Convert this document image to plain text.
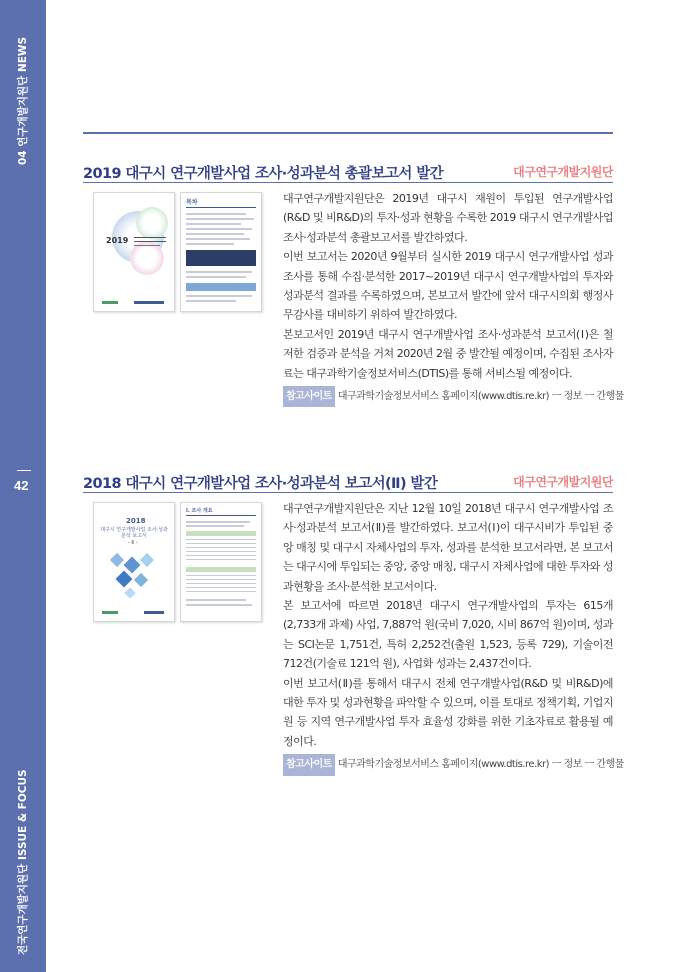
04 연구개발지원단 NEWS
42
전국연구개발지원단 ISSUE & FOCUS
2019 대구시 연구개발사업 조사·성과분석 총괄보고서 발간	대구연구개발지원단
2019
목차	대구연구개발지원단은 2019년 대구시 재원이 투입된 연구개발사업(R&D 및 비R&D)의 투자·성과 현황을 수록한 2019 대구시 연구개발사업 조사·성과분석 총괄보고서를 발간하였다.

이번 보고서는 2020년 9월부터 실시한 2019 대구시 연구개발사업 성과조사를 통해 수집·분석한 2017~2019년 대구시 연구개발사업의 투자와 성과분석 결과를 수록하였으며, 본보고서 발간에 앞서 대구시의회 행정사무감사를 대비하기 위하여 발간하였다.

본보고서인 2019년 대구시 연구개발사업 조사·성과분석 보고서(Ⅰ)은 철저한 검증과 분석을 거쳐 2020년 2월 중 발간될 예정이며, 수집된 조사자료는 대구과학기술정보서비스(DTIS)를 통해 서비스될 예정이다.

참고사이트 대구과학기술정보서비스 홈페이지(www.dtis.re.kr) ㅡ 정보 ㅡ 간행물
2018 대구시 연구개발사업 조사·성과분석 보고서(Ⅱ) 발간	대구연구개발지원단
2018
대구시 연구개발사업 조사·성과분석 보고서
- Ⅱ -
Ⅰ. 조사 개요	대구연구개발지원단은 지난 12월 10일 2018년 대구시 연구개발사업 조사·성과분석 보고서(Ⅱ)를 발간하였다. 보고서(Ⅰ)이 대구시비가 투입된 중앙 매칭 및 대구시 자체사업의 투자, 성과를 분석한 보고서라면, 본 보고서는 대구시에 투입되는 중앙, 중앙 매칭, 대구시 자체사업에 대한 투자와 성과현황을 조사·분석한 보고서이다.

본 보고서에 따르면 2018년 대구시 연구개발사업의 투자는 615개(2,733개 과제) 사업, 7,887억 원(국비 7,020, 시비 867억 원)이며, 성과는 SCI논문 1,751건, 특허 2,252건(출원 1,523, 등록 729), 기술이전 712건(기술료 121억 원), 사업화 성과는 2,437건이다.

이번 보고서(Ⅱ)를 통해서 대구시 전체 연구개발사업(R&D 및 비R&D)에 대한 투자 및 성과현황을 파악할 수 있으며, 이를 토대로 정책기획, 기업지원 등 지역 연구개발사업 투자 효율성 강화를 위한 기초자료로 활용될 예정이다.

참고사이트 대구과학기술정보서비스 홈페이지(www.dtis.re.kr) ㅡ 정보 ㅡ 간행물
